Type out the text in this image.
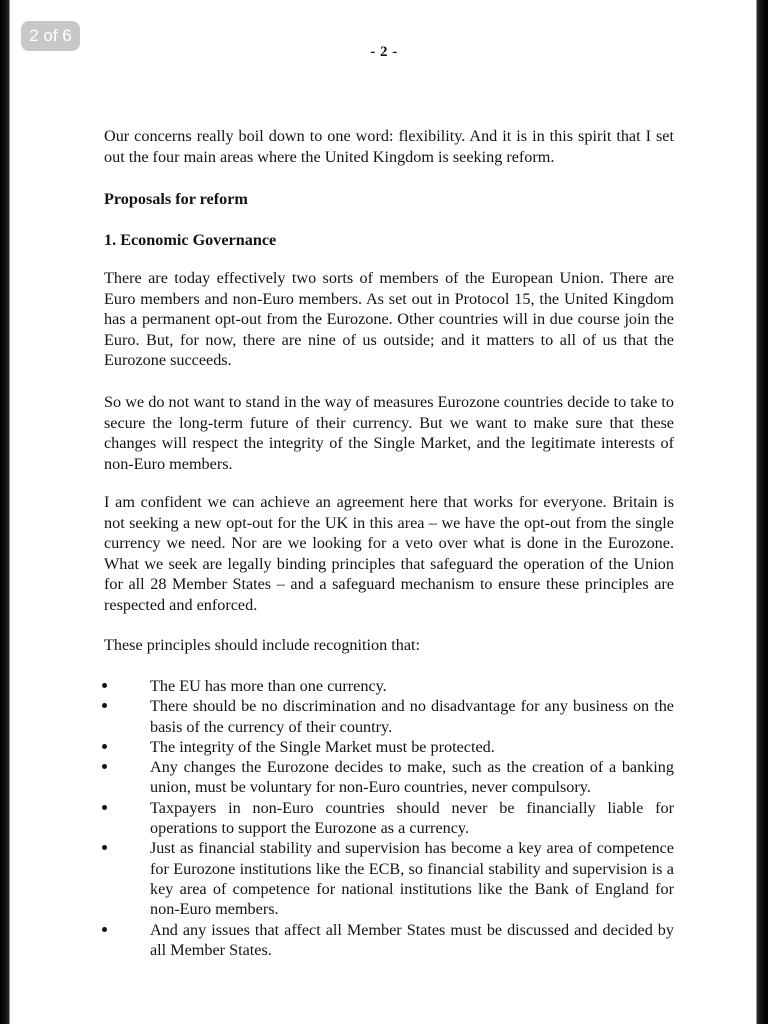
2 of 6
- 2 -

Our concerns really boil down to one word: flexibility. And it is in this spirit that I set out the four main areas where the United Kingdom is seeking reform.

Proposals for reform
1. Economic Governance

There are today effectively two sorts of members of the European Union. There are Euro members and non-Euro members. As set out in Protocol 15, the United Kingdom has a permanent opt-out from the Eurozone. Other countries will in due course join the Euro. But, for now, there are nine of us outside; and it matters to all of us that the Eurozone succeeds.

So we do not want to stand in the way of measures Eurozone countries decide to take to secure the long-term future of their currency. But we want to make sure that these changes will respect the integrity of the Single Market, and the legitimate interests of non-Euro members.

I am confident we can achieve an agreement here that works for everyone. Britain is not seeking a new opt-out for the UK in this area – we have the opt-out from the single currency we need. Nor are we looking for a veto over what is done in the Eurozone. What we seek are legally binding principles that safeguard the operation of the Union for all 28 Member States – and a safeguard mechanism to ensure these principles are respected and enforced.

These principles should include recognition that:

The EU has more than one currency.
There should be no discrimination and no disadvantage for any business on the basis of the currency of their country.
The integrity of the Single Market must be protected.
Any changes the Eurozone decides to make, such as the creation of a banking union, must be voluntary for non-Euro countries, never compulsory.
Taxpayers in non-Euro countries should never be financially liable for operations to support the Eurozone as a currency.
Just as financial stability and supervision has become a key area of competence for Eurozone institutions like the ECB, so financial stability and supervision is a key area of competence for national institutions like the Bank of England for non-Euro members.
And any issues that affect all Member States must be discussed and decided by all Member States.
